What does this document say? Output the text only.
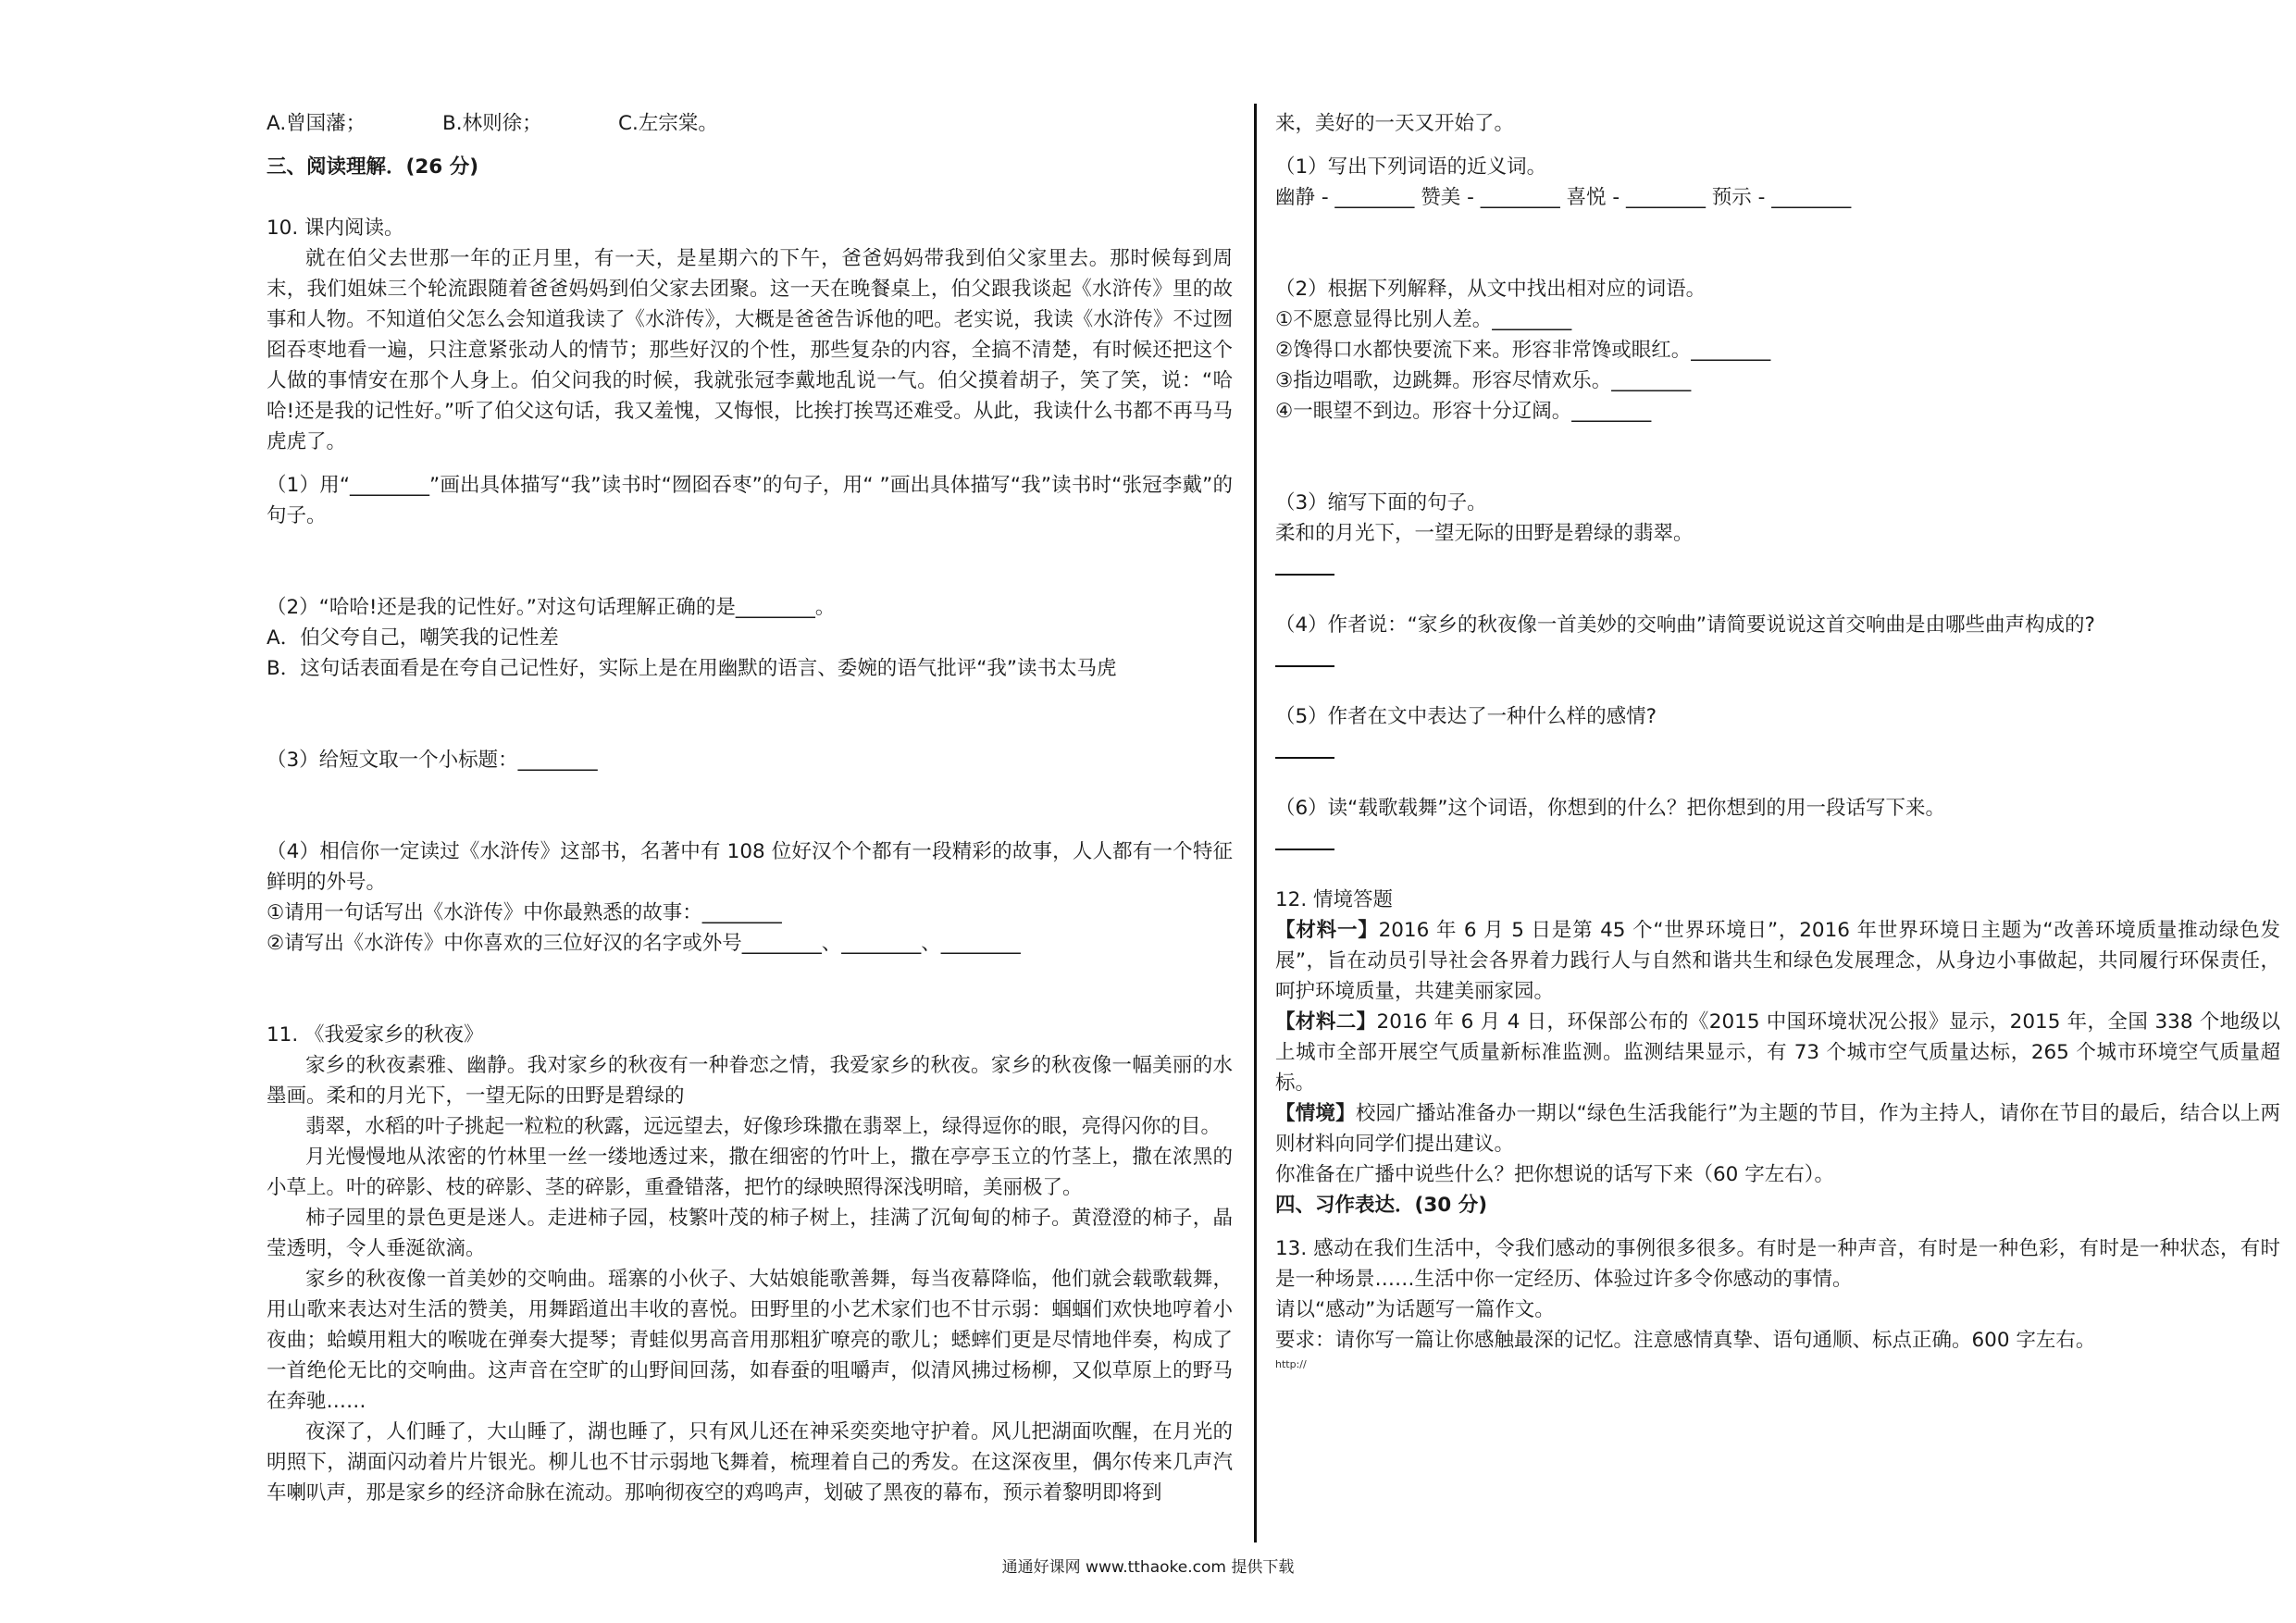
A.曾国藩；	B.林则徐；	C.左宗棠。

三、阅读理解．(26 分)

10. 课内阅读。

就在伯父去世那一年的正月里，有一天，是星期六的下午，爸爸妈妈带我到伯父家里去。那时候每到周末，我们姐妹三个轮流跟随着爸爸妈妈到伯父家去团聚。这一天在晚餐桌上，伯父跟我谈起《水浒传》里的故事和人物。不知道伯父怎么会知道我读了《水浒传》，大概是爸爸告诉他的吧。老实说，我读《水浒传》不过囫囵吞枣地看一遍，只注意紧张动人的情节；那些好汉的个性，那些复杂的内容，全搞不清楚，有时候还把这个人做的事情安在那个人身上。伯父问我的时候，我就张冠李戴地乱说一气。伯父摸着胡子，笑了笑，说：“哈哈!还是我的记性好。”听了伯父这句话，我又羞愧，又悔恨，比挨打挨骂还难受。从此，我读什么书都不再马马虎虎了。

（1）用“________”画出具体描写“我”读书时“囫囵吞枣”的句子，用“ ”画出具体描写“我”读书时“张冠李戴”的句子。

（2）“哈哈!还是我的记性好。”对这句话理解正确的是________。

A．伯父夸自己，嘲笑我的记性差

B．这句话表面看是在夸自己记性好，实际上是在用幽默的语言、委婉的语气批评“我”读书太马虎

（3）给短文取一个小标题：________

（4）相信你一定读过《水浒传》这部书，名著中有 108 位好汉个个都有一段精彩的故事，人人都有一个特征鲜明的外号。

①请用一句话写出《水浒传》中你最熟悉的故事：________

②请写出《水浒传》中你喜欢的三位好汉的名字或外号________、________、________

11. 《我爱家乡的秋夜》

家乡的秋夜素雅、幽静。我对家乡的秋夜有一种眷恋之情，我爱家乡的秋夜。家乡的秋夜像一幅美丽的水墨画。柔和的月光下，一望无际的田野是碧绿的

翡翠，水稻的叶子挑起一粒粒的秋露，远远望去，好像珍珠撒在翡翠上，绿得逗你的眼，亮得闪你的目。

月光慢慢地从浓密的竹林里一丝一缕地透过来，撒在细密的竹叶上，撒在亭亭玉立的竹茎上，撒在浓黑的小草上。叶的碎影、枝的碎影、茎的碎影，重叠错落，把竹的绿映照得深浅明暗，美丽极了。

柿子园里的景色更是迷人。走进柿子园，枝繁叶茂的柿子树上，挂满了沉甸甸的柿子。黄澄澄的柿子，晶莹透明，令人垂涎欲滴。

家乡的秋夜像一首美妙的交响曲。瑶寨的小伙子、大姑娘能歌善舞，每当夜幕降临，他们就会载歌载舞，用山歌来表达对生活的赞美，用舞蹈道出丰收的喜悦。田野里的小艺术家们也不甘示弱：蝈蝈们欢快地哼着小夜曲；蛤蟆用粗大的喉咙在弹奏大提琴；青蛙似男高音用那粗犷嘹亮的歌儿；蟋蟀们更是尽情地伴奏，构成了一首绝伦无比的交响曲。这声音在空旷的山野间回荡，如春蚕的咀嚼声，似清风拂过杨柳，又似草原上的野马在奔驰……

夜深了，人们睡了，大山睡了，湖也睡了，只有风儿还在神采奕奕地守护着。风儿把湖面吹醒，在月光的明照下，湖面闪动着片片银光。柳儿也不甘示弱地飞舞着，梳理着自己的秀发。在这深夜里，偶尔传来几声汽车喇叭声，那是家乡的经济命脉在流动。那响彻夜空的鸡鸣声，划破了黑夜的幕布，预示着黎明即将到

来，美好的一天又开始了。

（1）写出下列词语的近义词。

幽静 - ________ 赞美 - ________ 喜悦 - ________ 预示 - ________

（2）根据下列解释，从文中找出相对应的词语。

①不愿意显得比别人差。________

②馋得口水都快要流下来。形容非常馋或眼红。________

③指边唱歌，边跳舞。形容尽情欢乐。________

④一眼望不到边。形容十分辽阔。________

（3）缩写下面的句子。

柔和的月光下，一望无际的田野是碧绿的翡翠。

（4）作者说：“家乡的秋夜像一首美妙的交响曲”请简要说说这首交响曲是由哪些曲声构成的?

（5）作者在文中表达了一种什么样的感情?

（6）读“载歌载舞”这个词语，你想到的什么？把你想到的用一段话写下来。

12. 情境答题

【材料一】2016 年 6 月 5 日是第 45 个“世界环境日”，2016 年世界环境日主题为“改善环境质量推动绿色发展”，旨在动员引导社会各界着力践行人与自然和谐共生和绿色发展理念，从身边小事做起，共同履行环保责任，呵护环境质量，共建美丽家园。

【材料二】2016 年 6 月 4 日，环保部公布的《2015 中国环境状况公报》显示，2015 年，全国 338 个地级以上城市全部开展空气质量新标准监测。监测结果显示，有 73 个城市空气质量达标，265 个城市环境空气质量超标。

【情境】校园广播站准备办一期以“绿色生活我能行”为主题的节目，作为主持人，请你在节目的最后，结合以上两则材料向同学们提出建议。

你准备在广播中说些什么？把你想说的话写下来（60 字左右）。

四、习作表达．(30 分)

13. 感动在我们生活中，令我们感动的事例很多很多。有时是一种声音，有时是一种色彩，有时是一种状态，有时是一种场景……生活中你一定经历、体验过许多令你感动的事情。

请以“感动”为话题写一篇作文。

要求：请你写一篇让你感触最深的记忆。注意感情真挚、语句通顺、标点正确。600 字左右。

http://

通通好课网 www.tthaoke.com 提供下载
